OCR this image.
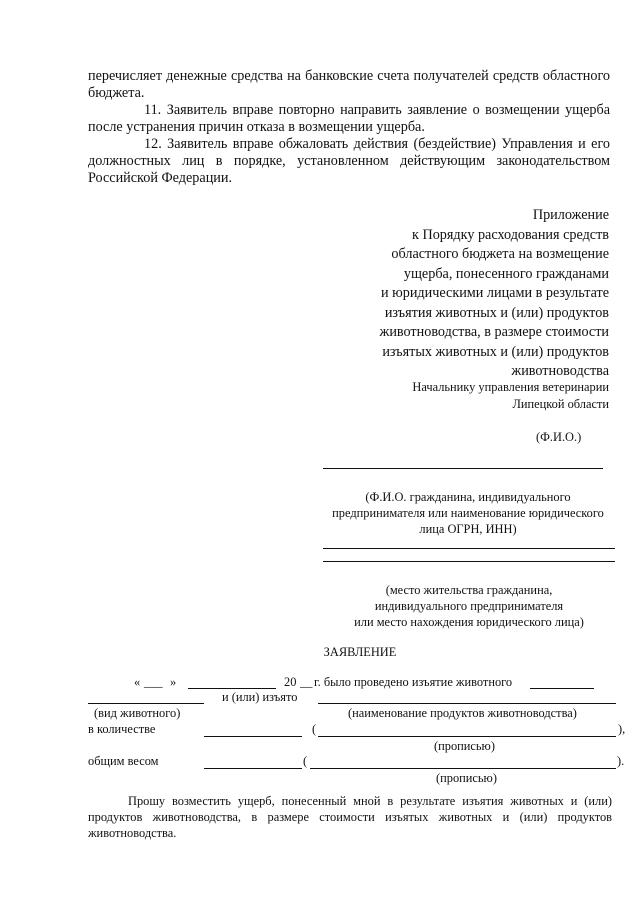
перечисляет денежные средства на банковские счета получателей средств областного бюджета.

11. Заявитель вправе повторно направить заявление о возмещении ущерба после устранения причин отказа в возмещении ущерба.

12. Заявитель вправе обжаловать действия (бездействие) Управления и его должностных лиц в порядке, установленном действующим законодательством Российской Федерации.

Приложение
к Порядку расходования средств
областного бюджета на возмещение
ущерба, понесенного гражданами
и юридическими лицами в результате
изъятия животных и (или) продуктов
животноводства, в размере стоимости
изъятых животных и (или) продуктов
животноводства
Начальнику управления ветеринарии
Липецкой области
(Ф.И.О.)
(Ф.И.О. гражданина, индивидуального
предпринимателя или наименование юридического
лица ОГРН, ИНН)
(место жительства гражданина,
индивидуального предпринимателя
или место нахождения юридического лица)
ЗАЯВЛЕНИЕ
« ___ »	20 __ г. было проведено изъятие животного
и (или) изъято
(вид животного)	(наименование продуктов животноводства)
в количестве	(	),
(прописью)
общим весом	(	).
(прописью)

Прошу возместить ущерб, понесенный мной в результате изъятия животных и (или) продуктов животноводства, в размере стоимости изъятых животных и (или) продуктов животноводства.
